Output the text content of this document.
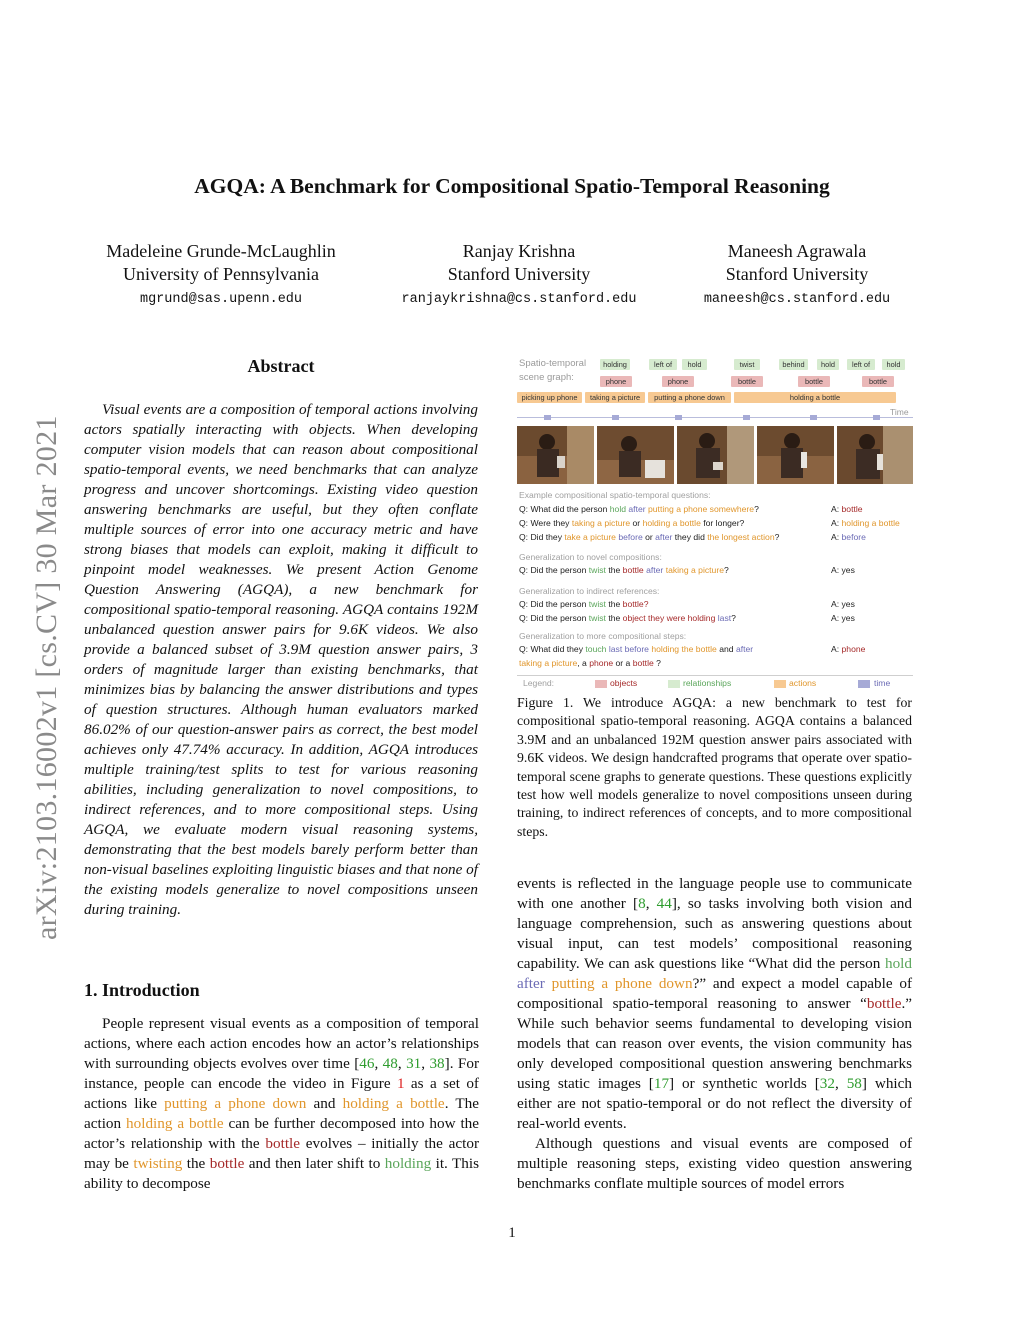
AGQA: A Benchmark for Compositional Spatio-Temporal Reasoning
Madeleine Grunde-McLaughlin
University of Pennsylvania
mgrund@sas.upenn.edu
Ranjay Krishna
Stanford University
ranjaykrishna@cs.stanford.edu
Maneesh Agrawala
Stanford University
maneesh@cs.stanford.edu
arXiv:2103.16002v1 [cs.CV] 30 Mar 2021
Abstract
Visual events are a composition of temporal actions involving actors spatially interacting with objects. When developing computer vision models that can reason about compositional spatio-temporal events, we need benchmarks that can analyze progress and uncover shortcomings. Existing video question answering benchmarks are useful, but they often conflate multiple sources of error into one accuracy metric and have strong biases that models can exploit, making it difficult to pinpoint model weaknesses. We present Action Genome Question Answering (AGQA), a new benchmark for compositional spatio-temporal reasoning. AGQA contains 192M unbalanced question answer pairs for 9.6K videos. We also provide a balanced subset of 3.9M question answer pairs, 3 orders of magnitude larger than existing benchmarks, that minimizes bias by balancing the answer distributions and types of question structures. Although human evaluators marked 86.02% of our question-answer pairs as correct, the best model achieves only 47.74% accuracy. In addition, AGQA introduces multiple training/test splits to test for various reasoning abilities, including generalization to novel compositions, to indirect references, and to more compositional steps. Using AGQA, we evaluate modern visual reasoning systems, demonstrating that the best models barely perform better than non-visual baselines exploiting linguistic biases and that none of the existing models generalize to novel compositions unseen during training.
1. Introduction
People represent visual events as a composition of temporal actions, where each action encodes how an actor’s relationships with surrounding objects evolves over time [46, 48, 31, 38]. For instance, people can encode the video in Figure 1 as a set of actions like putting a phone down and holding a bottle. The action holding a bottle can be further decomposed into how the actor’s relationship with the bottle evolves – initially the actor may be twisting the bottle and then later shift to holding it. This ability to decompose
Spatio-temporal
scene graph:
holding	left of	hold	twist	behind	hold	left of	hold
phone	phone	bottle	bottle	bottle
picking up phone	taking a picture	putting a phone down	holding a bottle
Time
Example compositional spatio-temporal questions:
Q: What did the person hold after putting a phone somewhere?	A: bottle
Q: Were they taking a picture or holding a bottle for longer?	A: holding a bottle
Q: Did they take a picture before or after they did the longest action?	A: before
Generalization to novel compositions:
Q: Did the person twist the bottle after taking a picture?	A: yes
Generalization to indirect references:
Q: Did the person twist the bottle?	A: yes
Q: Did the person twist the object they were holding last?	A: yes
Generalization to more compositional steps:
Q: What did they touch last before holding the bottle and after
taking a picture, a phone or a bottle ?
A: phone
Legend:	objects	relationships	actions	time
Figure 1. We introduce AGQA: a new benchmark to test for compositional spatio-temporal reasoning. AGQA contains a balanced 3.9M and an unbalanced 192M question answer pairs associated with 9.6K videos. We design handcrafted programs that operate over spatio-temporal scene graphs to generate questions. These questions explicitly test how well models generalize to novel compositions unseen during training, to indirect references of concepts, and to more compositional steps.

events is reflected in the language people use to communicate with one another [8, 44], so tasks involving both vision and language comprehension, such as answering questions about visual input, can test models’ compositional reasoning capability. We can ask questions like “What did the person hold after putting a phone down?” and expect a model capable of compositional spatio-temporal reasoning to answer “bottle.” While such behavior seems fundamental to developing vision models that can reason over events, the vision community has only developed compositional question answering benchmarks using static images [17] or synthetic worlds [32, 58] which either are not spatio-temporal or do not reflect the diversity of real-world events.

Although questions and visual events are composed of multiple reasoning steps, existing video question answering benchmarks conflate multiple sources of model errors

1
